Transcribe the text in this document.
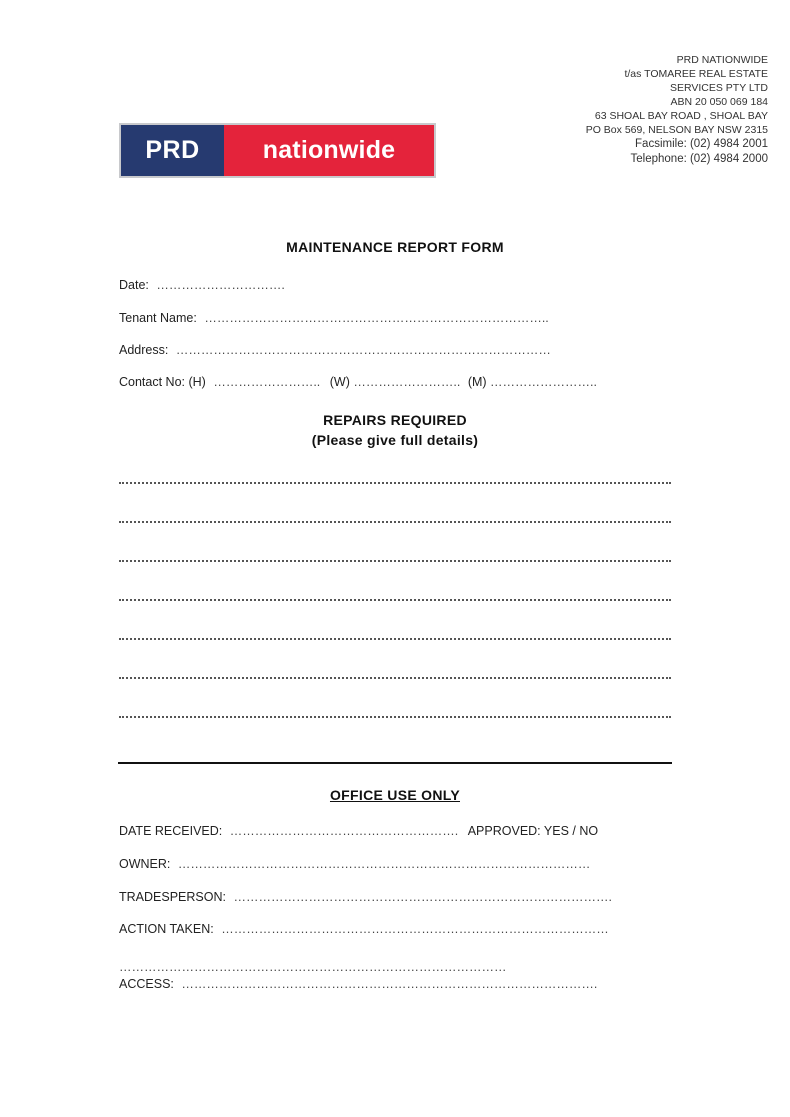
PRD NATIONWIDE
t/as TOMAREE REAL ESTATE
SERVICES PTY LTD
ABN 20 050 069 184
63 SHOAL BAY ROAD , SHOAL BAY
PO Box 569, NELSON BAY NSW 2315
Facsimile: (02) 4984 2001
Telephone: (02) 4984 2000
PRD	nationwide
MAINTENANCE REPORT FORM
Date: ………………………….
Tenant Name: ………………………………………………………………………..
Address: ………………………………………………………………………………
Contact No: (H) …………………….. (W) …………………….. (M) ……………………..
REPAIRS REQUIRED
(Please give full details)
OFFICE USE ONLY
DATE RECEIVED: ………………………………………………. APPROVED: YES / NO
OWNER: ………………………………………………………………………………………
TRADESPERSON: ……………………………………………………………………………….
ACTION TAKEN: …………………………………………………………………………………
…………………………………………………………………………………
ACCESS: ……………………………………………………………………………………….
